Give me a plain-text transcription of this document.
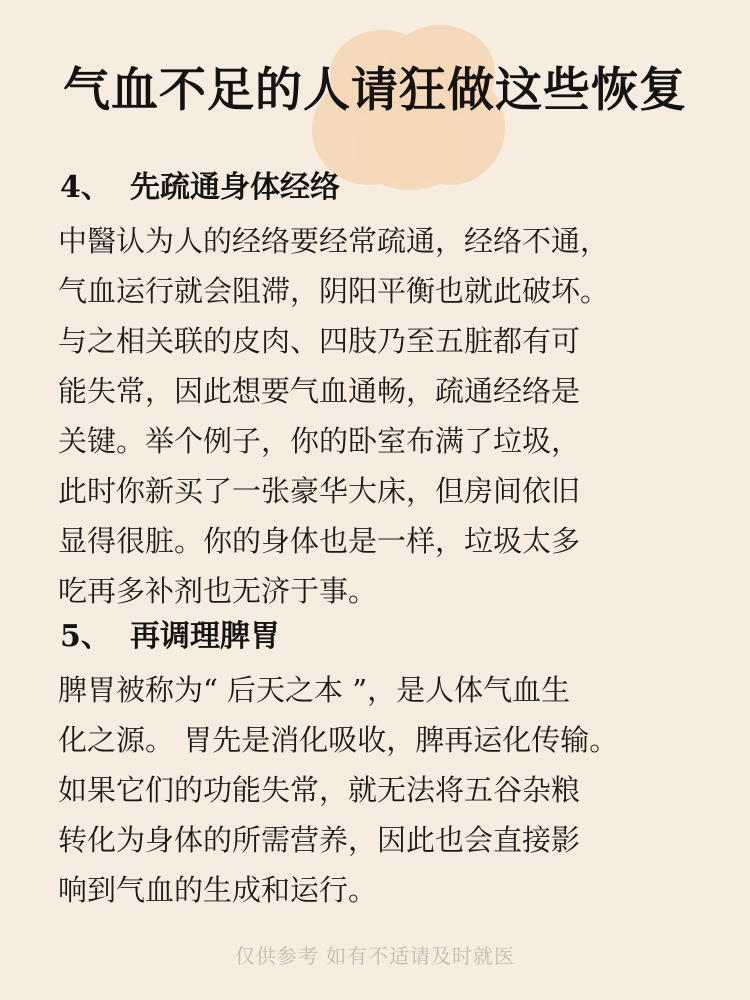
气血不足的人请狂做这些恢复
4、 先疏通身体经络
中醫认为人的经络要经常疏通，经络不通，
气血运行就会阻滞，阴阳平衡也就此破坏。
与之相关联的皮肉、四肢乃至五脏都有可
能失常，因此想要气血通畅，疏通经络是
关键。举个例子，你的卧室布满了垃圾，
此时你新买了一张豪华大床，但房间依旧
显得很脏。你的身体也是一样，垃圾太多
吃再多补剂也无济于事。
5、 再调理脾胃
脾胃被称为“ 后天之本 ”，是人体气血生
化之源。 胃先是消化吸收，脾再运化传输。
如果它们的功能失常，就无法将五谷杂粮
转化为身体的所需营养，因此也会直接影
响到气血的生成和运行。
仅供参考 如有不适请及时就医
